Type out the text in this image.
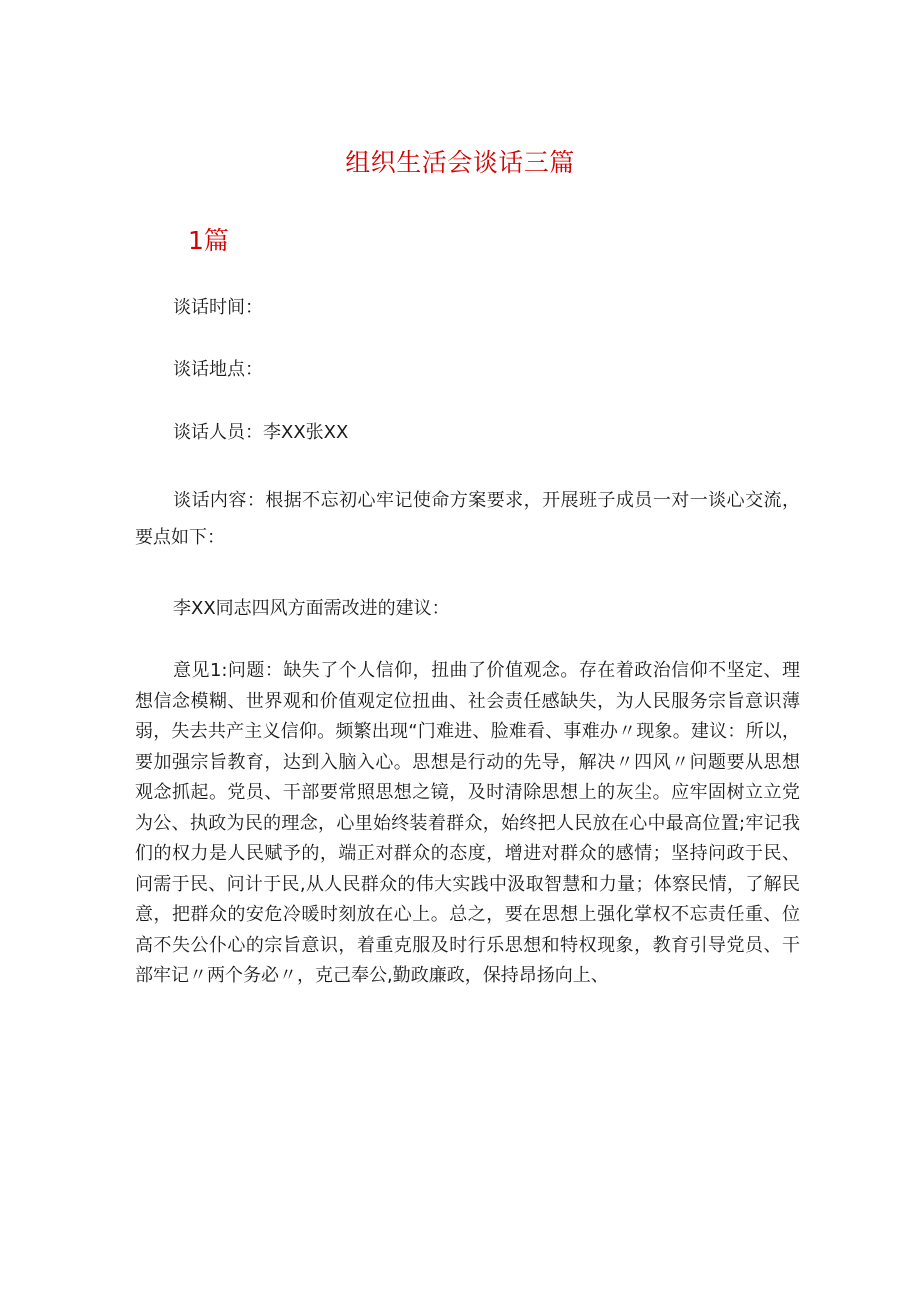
组织生活会谈话三篇
1篇

谈话时间：

谈话地点：

谈话人员：李XX张XX

谈话内容：根据不忘初心牢记使命方案要求，开展班子成员一对一谈心交流，要点如下：

李XX同志四风方面需改进的建议：

意见1:问题：缺失了个人信仰，扭曲了价值观念。存在着政治信仰不坚定、理想信念模糊、世界观和价值观定位扭曲、社会责任感缺失，为人民服务宗旨意识薄弱，失去共产主义信仰。频繁出现“门难进、脸难看、事难办〃现象。建议：所以，要加强宗旨教育，达到入脑入心。思想是行动的先导，解决〃四风〃问题要从思想观念抓起。党员、干部要常照思想之镜，及时清除思想上的灰尘。应牢固树立立党为公、执政为民的理念，心里始终装着群众，始终把人民放在心中最高位置;牢记我们的权力是人民赋予的，端正对群众的态度，增进对群众的感情；坚持问政于民、问需于民、问计于民,从人民群众的伟大实践中汲取智慧和力量；体察民情，了解民意，把群众的安危冷暖时刻放在心上。总之，要在思想上强化掌权不忘责任重、位高不失公仆心的宗旨意识，着重克服及时行乐思想和特权现象，教育引导党员、干部牢记〃两个务必〃，克己奉公,勤政廉政，保持昂扬向上、
